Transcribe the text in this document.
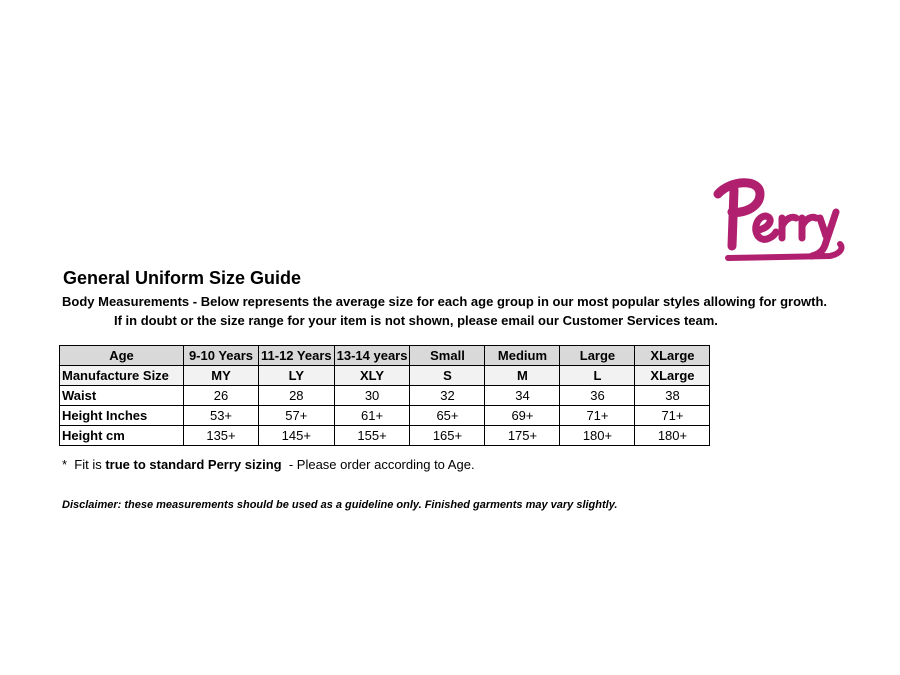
General Uniform Size Guide
Body Measurements - Below represents the average size for each age group in our most popular styles allowing for growth.
If in doubt or the size range for your item is not shown, please email our Customer Services team.
Age	9-10 Years	11-12 Years	13-14 years	Small	Medium	Large	XLarge
Manufacture Size	MY	LY	XLY	S	M	L	XLarge
Waist	26	28	30	32	34	36	38
Height Inches	53+	57+	61+	65+	69+	71+	71+
Height cm	135+	145+	155+	165+	175+	180+	180+
*  Fit is true to standard Perry sizing  - Please order according to Age.
Disclaimer: these measurements should be used as a guideline only. Finished garments may vary slightly.
